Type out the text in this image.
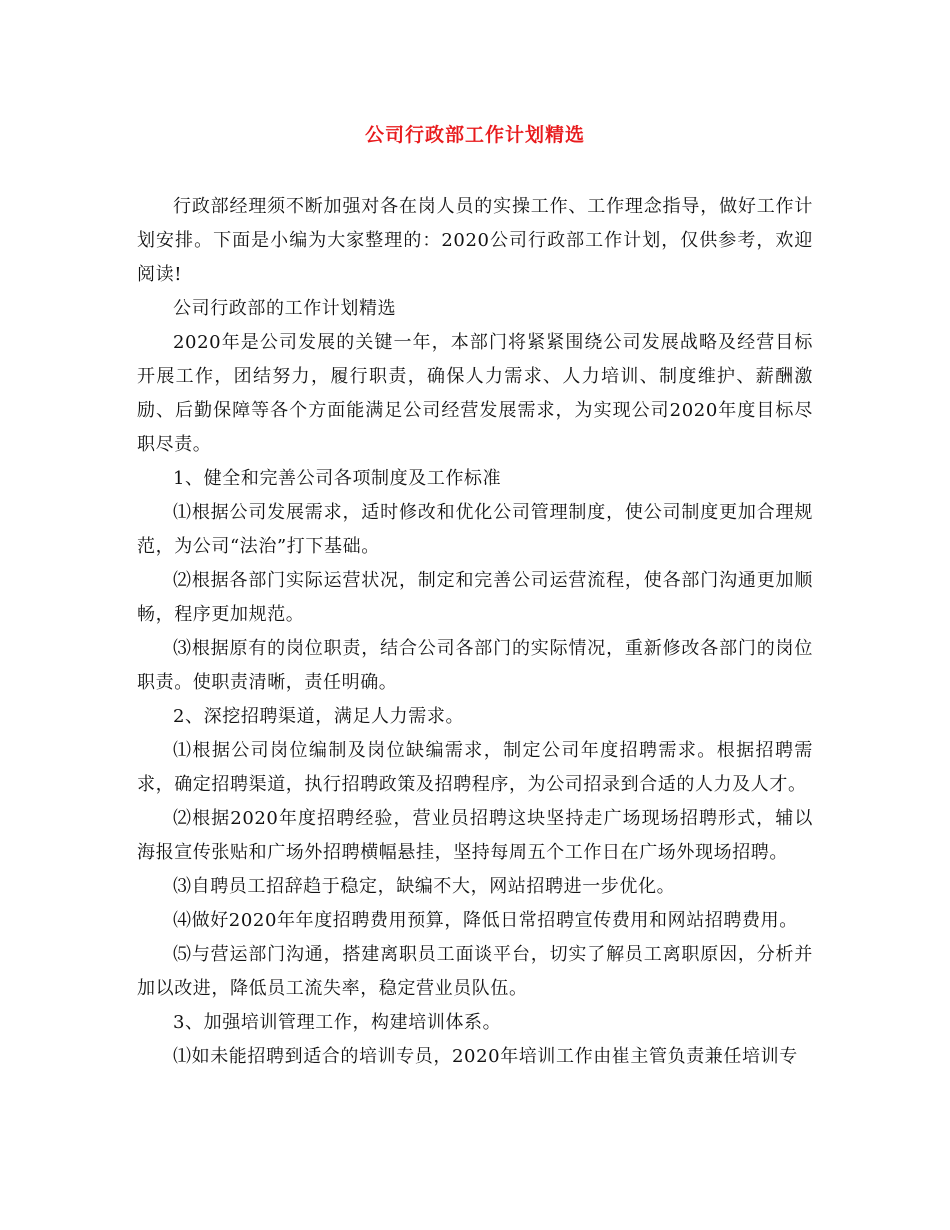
公司行政部工作计划精选

行政部经理须不断加强对各在岗人员的实操工作、工作理念指导，做好工作计划安排。下面是小编为大家整理的：2020公司行政部工作计划，仅供参考，欢迎阅读!

公司行政部的工作计划精选

2020年是公司发展的关键一年，本部门将紧紧围绕公司发展战略及经营目标开展工作，团结努力，履行职责，确保人力需求、人力培训、制度维护、薪酬激励、后勤保障等各个方面能满足公司经营发展需求，为实现公司2020年度目标尽职尽责。

1、健全和完善公司各项制度及工作标准

⑴根据公司发展需求，适时修改和优化公司管理制度，使公司制度更加合理规范，为公司“法治”打下基础。

⑵根据各部门实际运营状况，制定和完善公司运营流程，使各部门沟通更加顺畅，程序更加规范。

⑶根据原有的岗位职责，结合公司各部门的实际情况，重新修改各部门的岗位职责。使职责清晰，责任明确。

2、深挖招聘渠道，满足人力需求。

⑴根据公司岗位编制及岗位缺编需求，制定公司年度招聘需求。根据招聘需求，确定招聘渠道，执行招聘政策及招聘程序，为公司招录到合适的人力及人才。

⑵根据2020年度招聘经验，营业员招聘这块坚持走广场现场招聘形式，辅以海报宣传张贴和广场外招聘横幅悬挂，坚持每周五个工作日在广场外现场招聘。

⑶自聘员工招辞趋于稳定，缺编不大，网站招聘进一步优化。

⑷做好2020年年度招聘费用预算，降低日常招聘宣传费用和网站招聘费用。

⑸与营运部门沟通，搭建离职员工面谈平台，切实了解员工离职原因，分析并加以改进，降低员工流失率，稳定营业员队伍。

3、加强培训管理工作，构建培训体系。

⑴如未能招聘到适合的培训专员，2020年培训工作由崔主管负责兼任培训专
